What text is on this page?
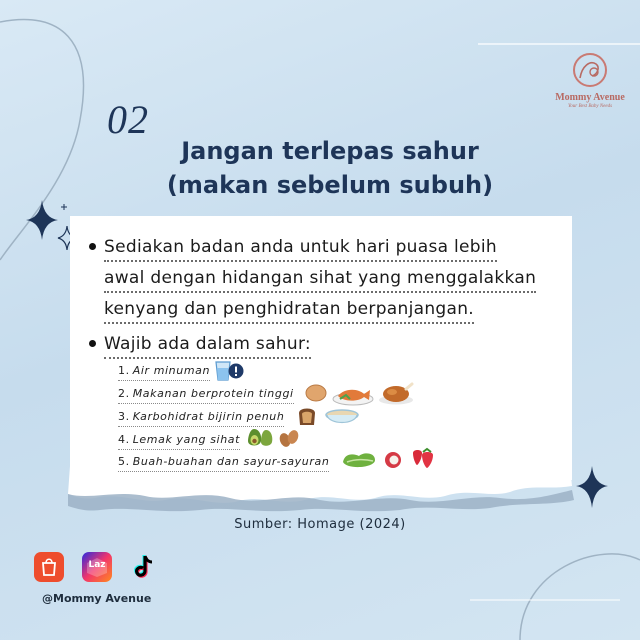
Mommy Avenue
Your Best Baby Needs
02
Jangan terlepas sahur
(makan sebelum subuh)
Sediakan badan anda untuk hari puasa lebih
awal dengan hidangan sihat yang menggalakkan
kenyang dan penghidratan berpanjangan.
Wajib ada dalam sahur:
1. Air minuman
2. Makanan berprotein tinggi
3. Karbohidrat bijirin penuh
4. Lemak yang sihat
5. Buah-buahan dan sayur-sayuran
Sumber: Homage (2024)
Laz
@Mommy Avenue
